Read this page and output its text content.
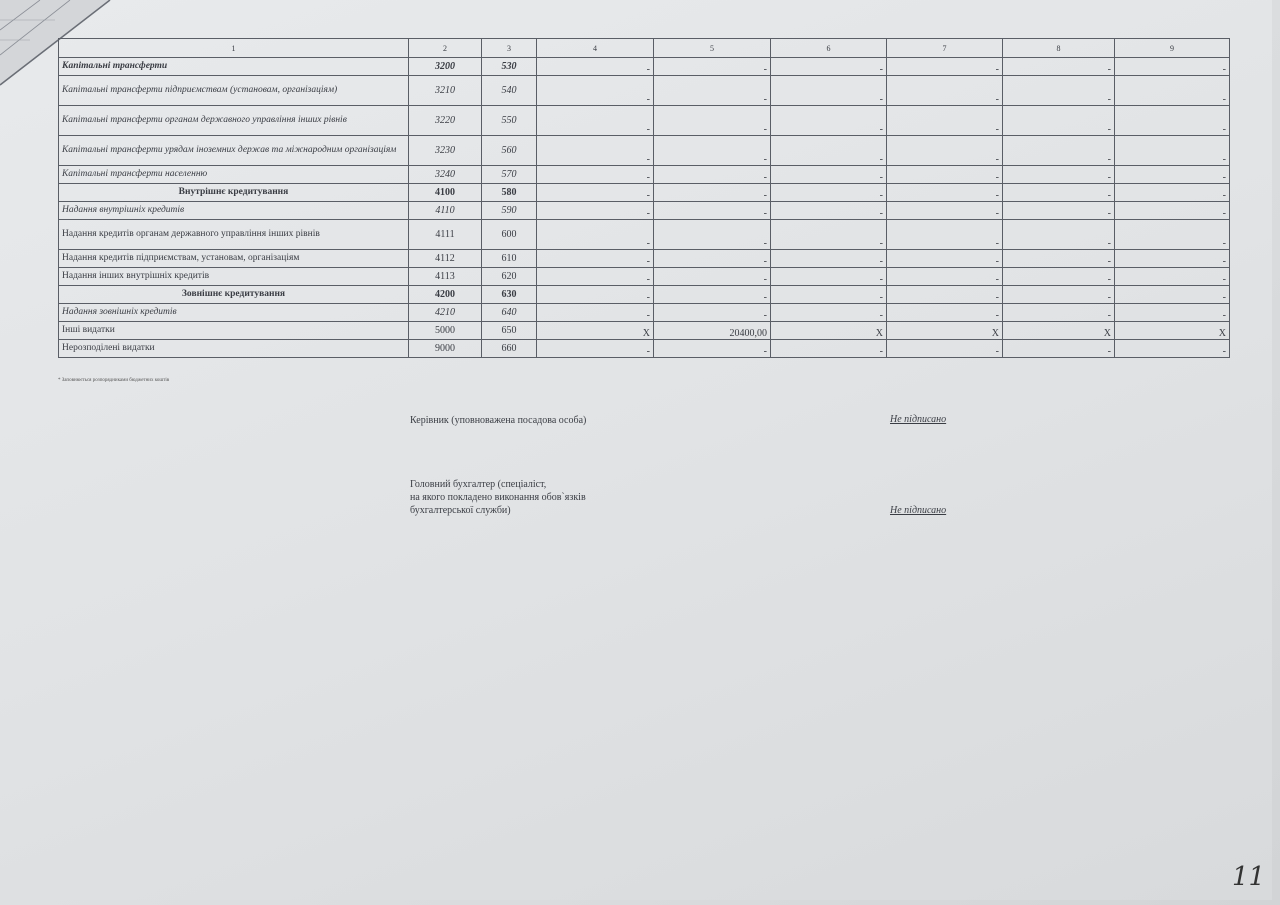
1	2	3	4	5	6	7	8	9
Капітальні трансферти	3200	530	-	-	-	-	-	-
Капітальні трансферти підприємствам (установам, організаціям)	3210	540	-	-	-	-	-	-
Капітальні трансферти органам державного управління інших рівнів	3220	550	-	-	-	-	-	-
Капітальні трансферти урядам іноземних держав та міжнародним організаціям	3230	560	-	-	-	-	-	-
Капітальні трансферти населенню	3240	570	-	-	-	-	-	-
Внутрішнє кредитування	4100	580	-	-	-	-	-	-
Надання внутрішніх кредитів	4110	590	-	-	-	-	-	-
Надання кредитів органам державного управління інших рівнів	4111	600	-	-	-	-	-	-
Надання кредитів підприємствам, установам, організаціям	4112	610	-	-	-	-	-	-
Надання інших внутрішніх кредитів	4113	620	-	-	-	-	-	-
Зовнішнє кредитування	4200	630	-	-	-	-	-	-
Надання зовнішніх кредитів	4210	640	-	-	-	-	-	-
Інші видатки	5000	650	X	20400,00	X	X	X	X
Нерозподілені видатки	9000	660	-	-	-	-	-	-
* Заповнюється розпорядниками бюджетних коштів
Керівник (уповноважена посадова особа)	Не підписано
Головний бухгалтер (спеціаліст,
на якого покладено виконання обов`язків
бухгалтерської служби)	Не підписано
11
